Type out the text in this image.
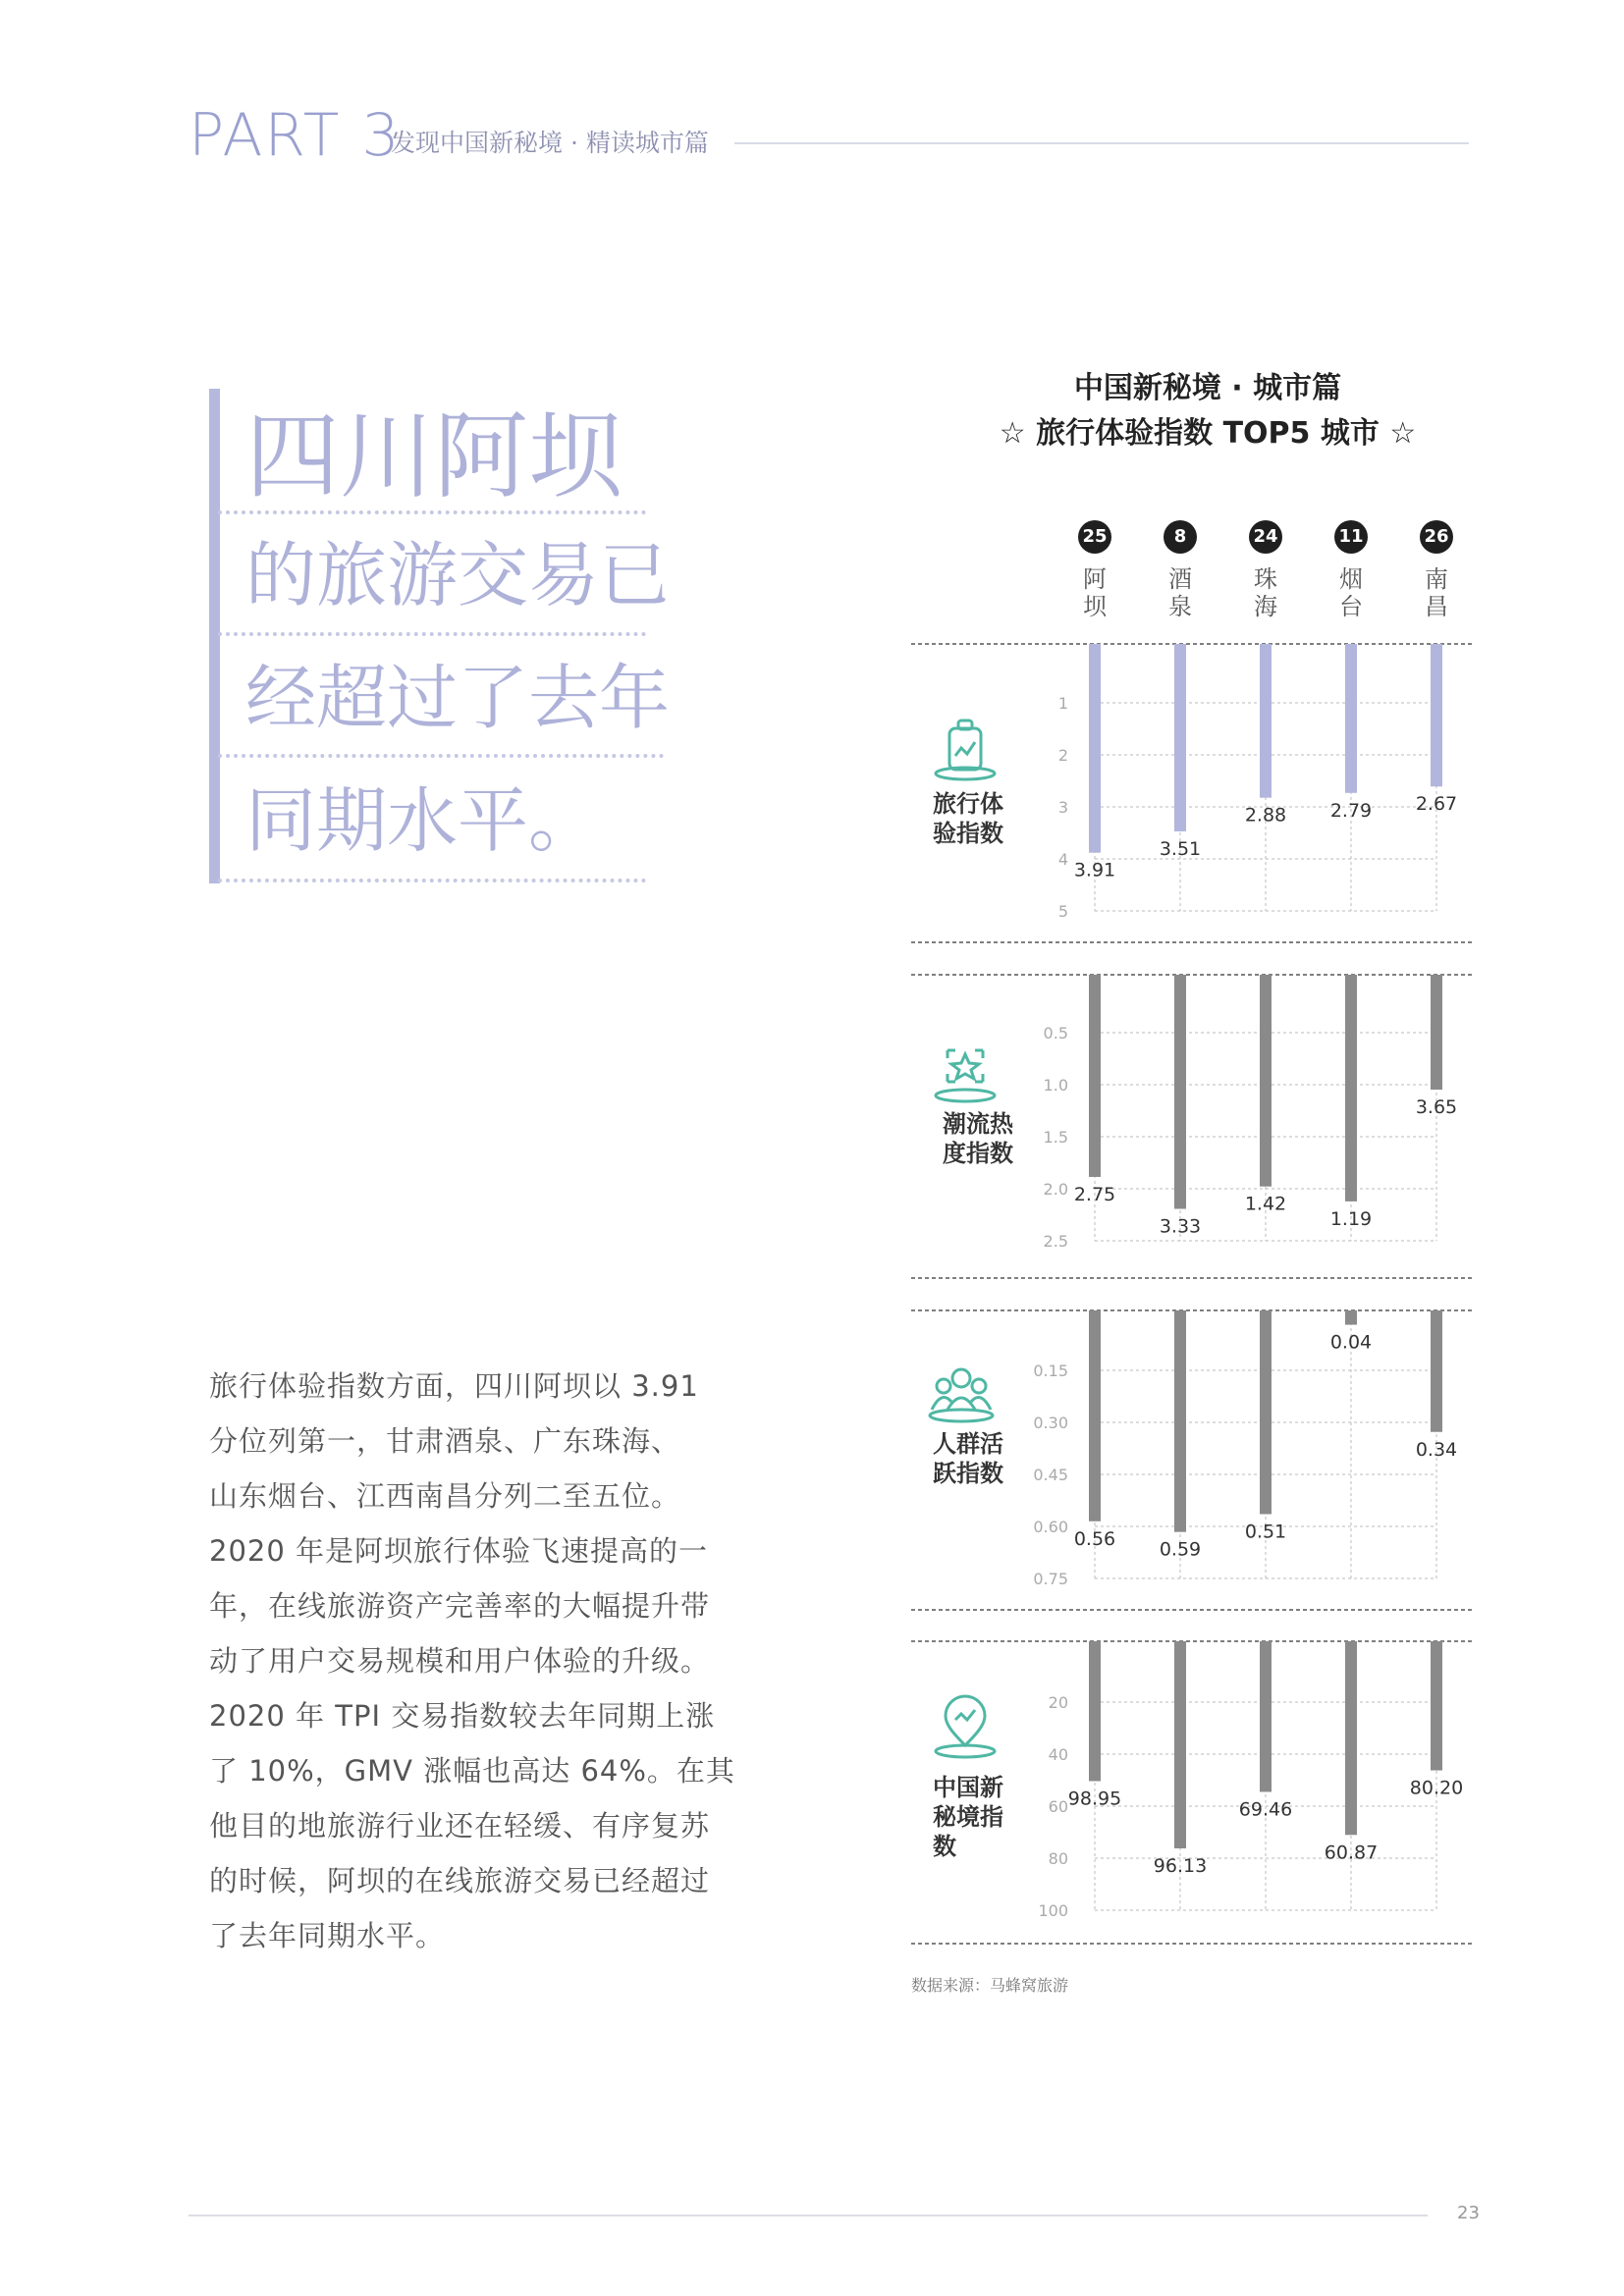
PART 3
发现中国新秘境 · 精读城市篇
四川阿坝
的旅游交易已
经超过了去年
同期水平。

旅行体验指数方面，四川阿坝以 3.91

分位列第一，甘肃酒泉、广东珠海、

山东烟台、江西南昌分列二至五位。

2020 年是阿坝旅行体验飞速提高的一

年，在线旅游资产完善率的大幅提升带

动了用户交易规模和用户体验的升级。

2020 年 TPI 交易指数较去年同期上涨

了 10%，GMV 涨幅也高达 64%。在其

他目的地旅游行业还在轻缓、有序复苏

的时候，阿坝的在线旅游交易已经超过

了去年同期水平。

中国新秘境 · 城市篇
☆ 旅行体验指数 TOP5 城市 ☆
25	8	24	11	26
阿坝
酒泉
珠海
烟台
南昌
1
2
3
4
5
3.91
3.51
2.88 2.79 2.67
0.5
1.0
1.5
2.0
2.5
2.75
3.33
1.42
1.19
3.65
0.15
0.30
0.45
0.60
0.75
0.56 0.59
0.51
0.04
0.34
20
40
60
80
100
98.95
96.13
69.46
60.87
80.20
旅行体验指数
潮流热度指数
人群活跃指数
中国新秘境指数
数据来源：马蜂窝旅游
23
